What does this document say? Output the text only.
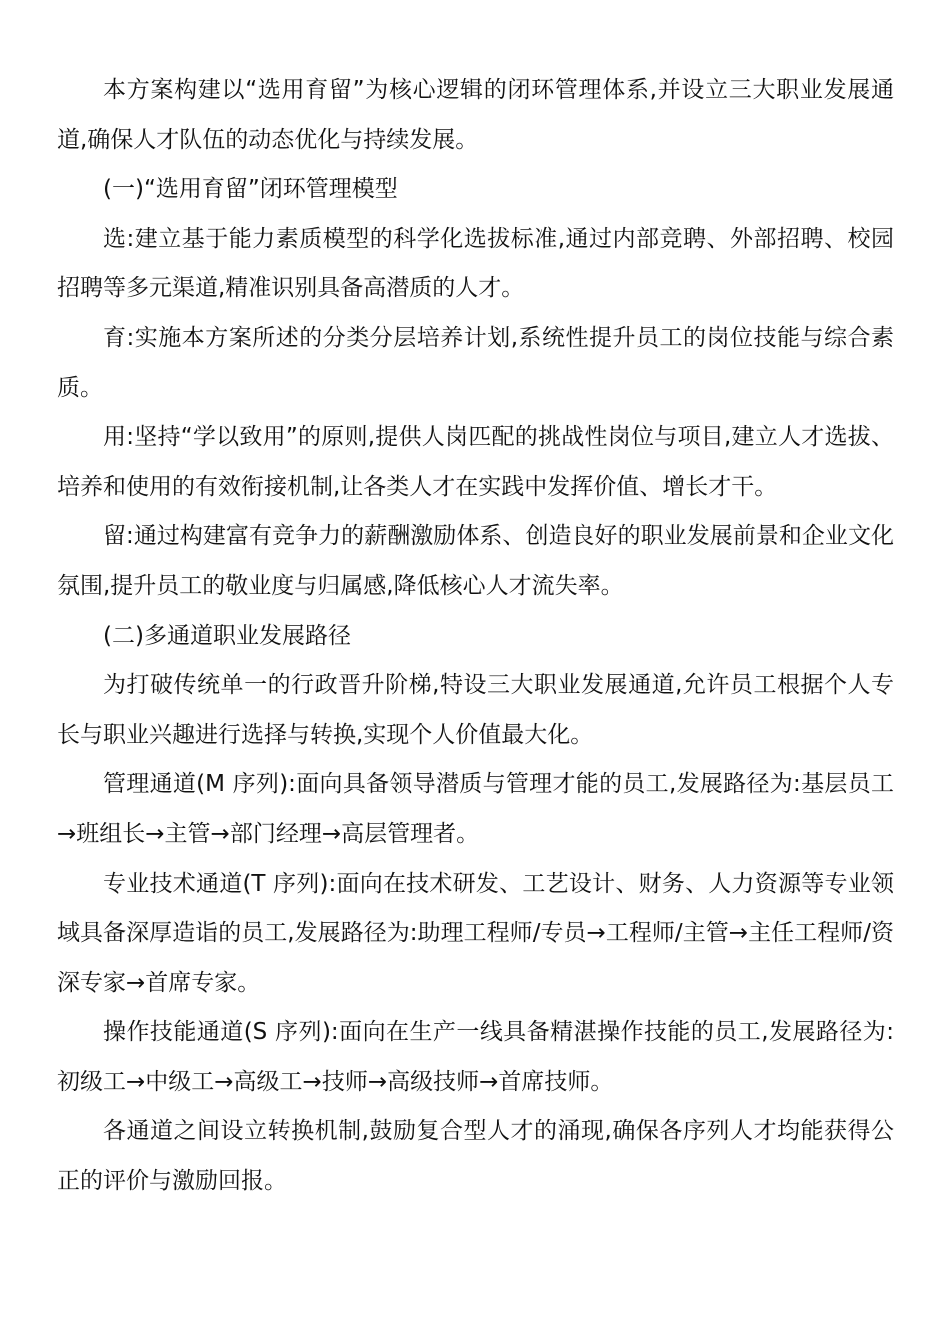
本方案构建以“选用育留”为核心逻辑的闭环管理体系,并设立三大职业发展通道,确保人才队伍的动态优化与持续发展。

(一)“选用育留”闭环管理模型

选:建立基于能力素质模型的科学化选拔标准,通过内部竞聘、外部招聘、校园招聘等多元渠道,精准识别具备高潜质的人才。

育:实施本方案所述的分类分层培养计划,系统性提升员工的岗位技能与综合素质。

用:坚持“学以致用”的原则,提供人岗匹配的挑战性岗位与项目,建立人才选拔、培养和使用的有效衔接机制,让各类人才在实践中发挥价值、增长才干。

留:通过构建富有竞争力的薪酬激励体系、创造良好的职业发展前景和企业文化氛围,提升员工的敬业度与归属感,降低核心人才流失率。

(二)多通道职业发展路径

为打破传统单一的行政晋升阶梯,特设三大职业发展通道,允许员工根据个人专长与职业兴趣进行选择与转换,实现个人价值最大化。

管理通道(M 序列):面向具备领导潜质与管理才能的员工,发展路径为:基层员工→班组长→主管→部门经理→高层管理者。

专业技术通道(T 序列):面向在技术研发、工艺设计、财务、人力资源等专业领域具备深厚造诣的员工,发展路径为:助理工程师/专员→工程师/主管→主任工程师/资深专家→首席专家。

操作技能通道(S 序列):面向在生产一线具备精湛操作技能的员工,发展路径为:初级工→中级工→高级工→技师→高级技师→首席技师。

各通道之间设立转换机制,鼓励复合型人才的涌现,确保各序列人才均能获得公正的评价与激励回报。
